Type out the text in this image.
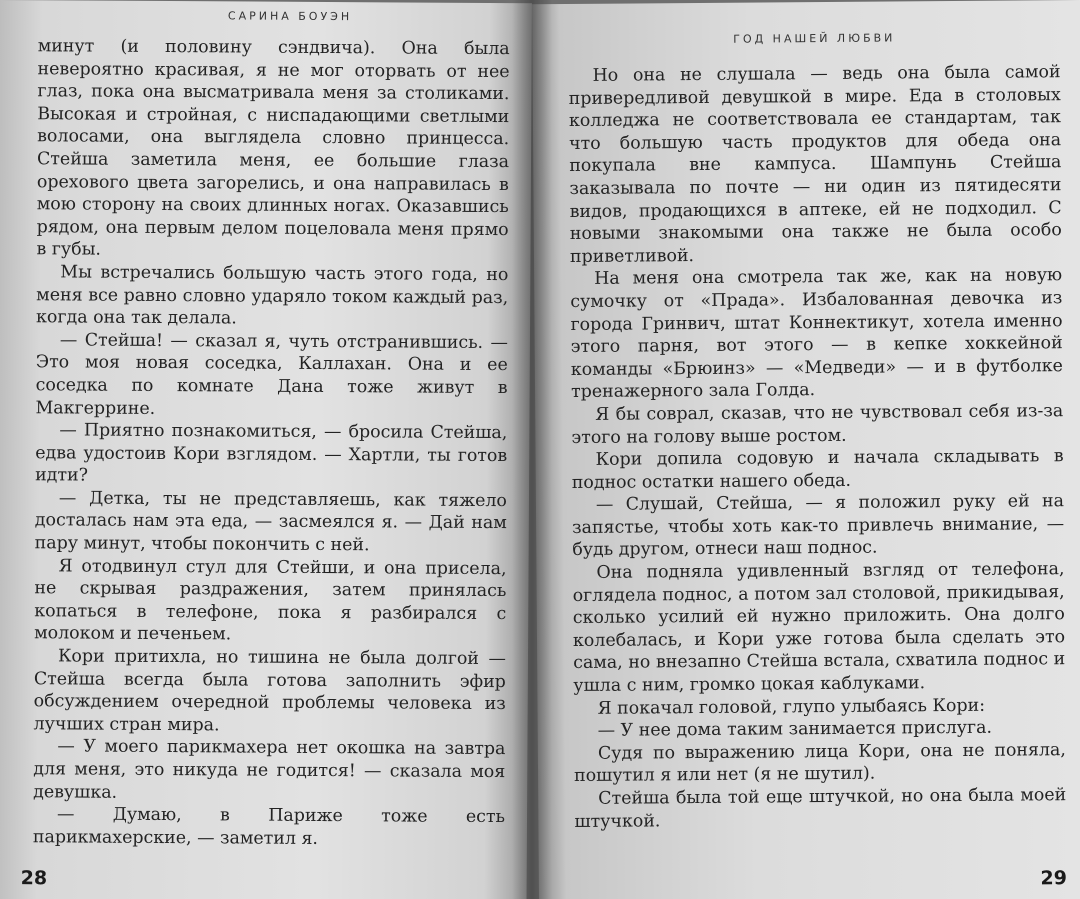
САРИНА БОУЭН

минут (и половину сэндвича). Она была невероятно красивая, я не мог оторвать от нее глаз, пока она высматривала меня за столиками. Высокая и стройная, с ниспадающими светлыми волосами, она выглядела словно принцесса. Стейша заметила меня, ее большие глаза орехового цвета загорелись, и она направилась в мою сторону на своих длинных ногах. Оказавшись рядом, она первым делом поцеловала меня прямо в губы.

Мы встречались большую часть этого года, но меня все равно словно ударяло током каждый раз, когда она так делала.

— Стейша! — сказал я, чуть отстранившись. — Это моя новая соседка, Каллахан. Она и ее соседка по комнате Дана тоже живут в Макгеррине.

— Приятно познакомиться, — бросила Стейша, едва удостоив Кори взглядом. — Хартли, ты готов идти?

— Детка, ты не представляешь, как тяжело досталась нам эта еда, — засмеялся я. — Дай нам пару минут, чтобы покончить с ней.

Я отодвинул стул для Стейши, и она присела, не скрывая раздражения, затем принялась копаться в телефоне, пока я разбирался с молоком и печеньем.

Кори притихла, но тишина не была долгой — Стейша всегда была готова заполнить эфир обсуждением очередной проблемы человека из лучших стран мира.

— У моего парикмахера нет окошка на завтра для меня, это никуда не годится! — сказала моя девушка.

— Думаю, в Париже тоже есть парикмахерские, — заметил я.

28
ГОД НАШЕЙ ЛЮБВИ

Но она не слушала — ведь она была самой привередливой девушкой в мире. Еда в столовых колледжа не соответствовала ее стандартам, так что большую часть продуктов для обеда она покупала вне кампуса. Шампунь Стейша заказывала по почте — ни один из пятидесяти видов, продающихся в аптеке, ей не подходил. С новыми знакомыми она также не была особо приветливой.

На меня она смотрела так же, как на новую сумочку от «Прада». Избалованная девочка из города Гринвич, штат Коннектикут, хотела именно этого парня, вот этого — в кепке хоккейной команды «Брюинз» — «Медведи» — и в футболке тренажерного зала Голда.

Я бы соврал, сказав, что не чувствовал себя из-за этого на голову выше ростом.

Кори допила содовую и начала складывать в поднос остатки нашего обеда.

— Слушай, Стейша, — я положил руку ей на запястье, чтобы хоть как-то привлечь внимание, — будь другом, отнеси наш поднос.

Она подняла удивленный взгляд от телефона, оглядела поднос, а потом зал столовой, прикидывая, сколько усилий ей нужно приложить. Она долго колебалась, и Кори уже готова была сделать это сама, но внезапно Стейша встала, схватила поднос и ушла с ним, громко цокая каблуками.

Я покачал головой, глупо улыбаясь Кори:

— У нее дома таким занимается прислуга.

Судя по выражению лица Кори, она не поняла, пошутил я или нет (я не шутил).

Стейша была той еще штучкой, но она была моей штучкой.

29
